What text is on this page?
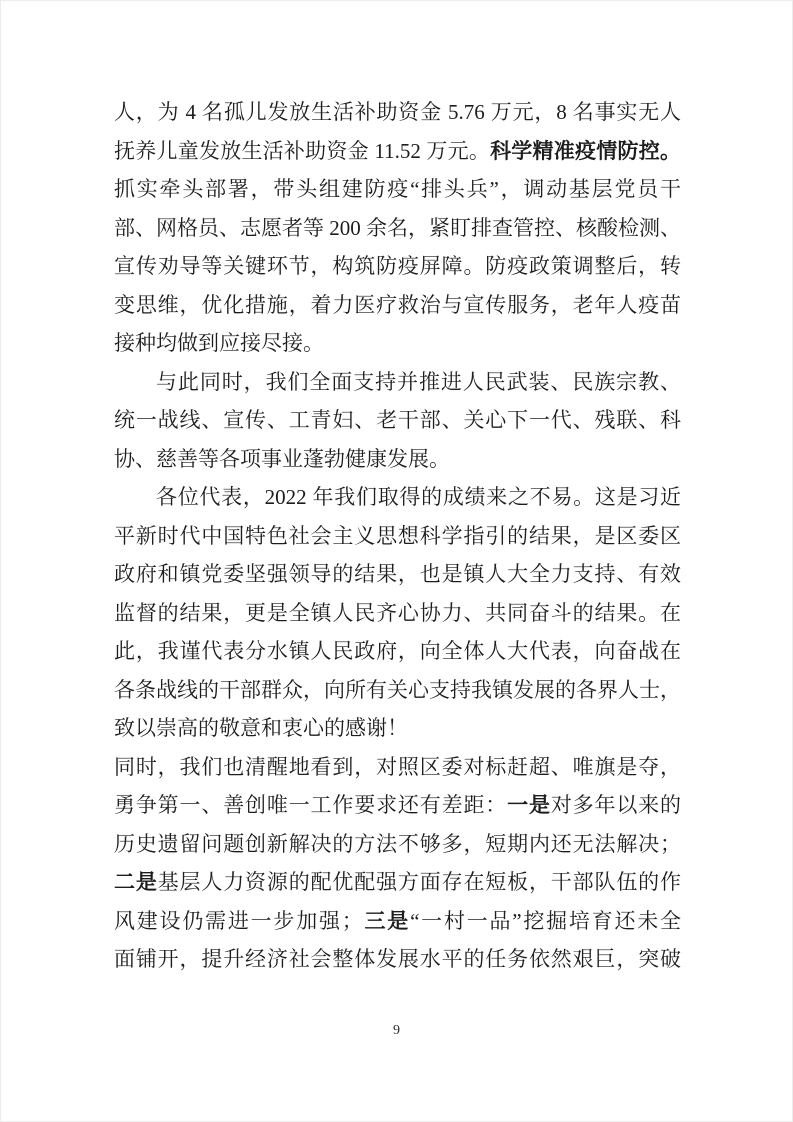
人，为 4 名孤儿发放生活补助资金 5.76 万元，8 名事实无人
抚养儿童发放生活补助资金 11.52 万元。科学精准疫情防控。
抓实牵头部署，带头组建防疫“排头兵”，调动基层党员干
部、网格员、志愿者等 200 余名，紧盯排查管控、核酸检测、
宣传劝导等关键环节，构筑防疫屏障。防疫政策调整后，转
变思维，优化措施，着力医疗救治与宣传服务，老年人疫苗
接种均做到应接尽接。
与此同时，我们全面支持并推进人民武装、民族宗教、
统一战线、宣传、工青妇、老干部、关心下一代、残联、科
协、慈善等各项事业蓬勃健康发展。
各位代表，2022 年我们取得的成绩来之不易。这是习近
平新时代中国特色社会主义思想科学指引的结果，是区委区
政府和镇党委坚强领导的结果，也是镇人大全力支持、有效
监督的结果，更是全镇人民齐心协力、共同奋斗的结果。在
此，我谨代表分水镇人民政府，向全体人大代表，向奋战在
各条战线的干部群众，向所有关心支持我镇发展的各界人士，
致以崇高的敬意和衷心的感谢！
同时，我们也清醒地看到，对照区委对标赶超、唯旗是夺，
勇争第一、善创唯一工作要求还有差距：一是对多年以来的
历史遗留问题创新解决的方法不够多，短期内还无法解决；
二是基层人力资源的配优配强方面存在短板，干部队伍的作
风建设仍需进一步加强；三是“一村一品”挖掘培育还未全
面铺开，提升经济社会整体发展水平的任务依然艰巨，突破
9
